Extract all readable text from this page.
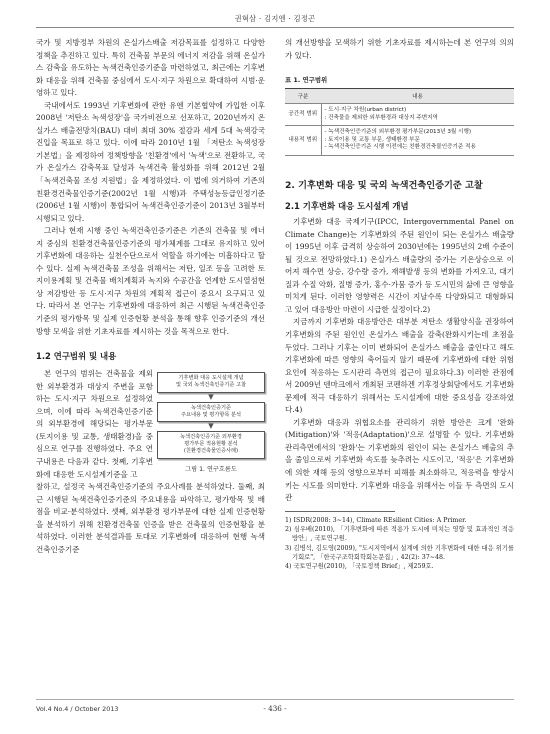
권혁삼 · 김지엔 · 김정곤

국가 및 지방정부 차원의 온실가스배출 저감목표를 설정하고 다양한 정책을 추진하고 있다. 특히 건축물 부문의 에너지 저감을 위해 온실가스 감축을 유도하는 녹색건축인증기준을 마련하였고, 최근에는 기후변화 대응을 위해 건축물 중심에서 도시·지구 차원으로 확대하여 시범·운영하고 있다.

국내에서도 1993년 기후변화에 관한 유엔 기본협약에 가입한 이후 2008년 '저탄소 녹색성장'을 국가비전으로 선포하고, 2020년까지 온실가스 배출전망치(BAU) 대비 최대 30% 절감과 세계 5대 녹색강국 진입을 목표로 하고 있다. 이에 따라 2010년 1월 「저탄소 녹색성장 기본법」을 제정하여 정책방향을 '친환경'에서 '녹색'으로 전환하고, 국가 온실가스 감축목표 달성과 녹색건축 활성화를 위해 2012년 2월 「녹색건축물 조성 지원법」을 제정하였다. 이 법에 의거하여 기존의 친환경건축물인증기준(2002년 1월 시행)과 주택성능등급인정기준(2006년 1월 시행)이 통합되어 녹색건축인증기준이 2013년 3월부터 시행되고 있다.

그러나 현재 시행 중인 녹색건축인증기준은 기존의 건축물 및 에너지 중심의 친환경건축물인증기준의 평가체계를 그대로 유지하고 있어 기후변화에 대응하는 실천수단으로서 역할을 하기에는 미흡하다고 할 수 있다. 실제 녹색건축물 조성을 위해서는 저탄, 일조 등을 고려한 토지이용계획 및 건축물 배치계획과 녹지와 수공간을 연계한 도시열섬현상 저감방안 등 도시·지구 차원의 계획적 접근이 중요시 요구되고 있다. 따라서 본 연구는 기후변화에 대응하여 최근 시행된 녹색건축인증기준의 평가항목 및 실제 인증현황 분석을 통해 향후 인증기준의 개선방향 모색을 위한 기초자료를 제시하는 것을 목적으로 한다.

1.2 연구범위 및 내용

본 연구의 범위는 건축물을 제외한 외부환경과 대상지 주변을 포함하는 도시·지구 차원으로 설정하였으며, 이에 따라 녹색건축인증기준의 외부환경에 해당되는 평가부문(토지이용 및 교통, 생태환경)을 중심으로 연구를 진행하였다. 주요 연구내용은 다음과 같다. 첫째, 기후변화에 대응한 도시설계기준을 고

기후변화 대응 도시설계 개념
및 국외 녹색건축인증기준 고찰
▼
녹색건축인증기준
주요내용 및 평가항목 분석
▼
녹색건축인증기준 외부환경
평가부문 적용현황 분석
(친환경건축물인증사례)
그림 1. 연구흐름도

찰하고, 설정국 녹색건축인증기준의 주요사례를 분석하였다. 둘째, 최근 시행된 녹색건축인증기준의 주요내용을 파악하고, 평가항목 및 배점을 비교·분석하였다. 셋째, 외부환경 평가부문에 대한 실제 인증현황을 분석하기 위해 친환경건축물 인증을 받은 건축물의 인증현황을 분석하였다. 이러한 분석결과를 토대로 기후변화에 대응하여 현행 녹색건축인증기준

의 개선방향을 모색하기 위한 기초자료를 제시하는데 본 연구의 의의가 있다.

표 1. 연구범위
구분	내용
공간적 범위	- 도시·지구 차원(urban district)
: 건축물을 제외한 외부환경과 대상지 주변지역
내용적 범위	- 녹색건축인증기준의 외부환경 평가부문(2013년 3월 시행)
: 토지이용 및 교통 부문, 생태환경 부문
- 녹색건축인증기준 시행 이전에는 친환경건축물인증기준 적용
2. 기후변화 대응 및 국외 녹색건축인증기준 고찰
2.1 기후변화 대응 도시설계 개념

기후변화 대응 국제기구(IPCC, Intergovernmental Panel on Climate Change)는 기후변화의 주된 원인이 되는 온실가스 배출량이 1995년 이후 급격히 상승하여 2030년에는 1995년의 2배 수준이 될 것으로 전망하였다.1) 온실가스 배출량의 증가는 기온상승으로 이어져 해수면 상승, 강수량 증가, 재해발생 등의 변화를 가져오고, 대기질과 수질 악화, 질병 증가, 홍수·가뭄 증가 등 도시민의 삶에 큰 영향을 미치게 된다. 이러한 영향력은 시간이 지날수록 다양화되고 대형화되고 있어 대응방안 마련이 시급한 실정이다.2)

지금까지 기후변화 대응방안은 대부분 저탄소 생활양식을 권장하여 기후변화의 주된 원인인 온실가스 배출을 감축(완화시키는데 초점을 두었다. 그러나 기후는 이미 변화되어 온실가스 배출을 줄인다고 해도 기후변화에 따른 영향의 축어들지 않기 때문에 기후변화에 대한 위험요인에 적응하는 도시관리 측면의 접근이 필요하다.3) 이러한 관점에서 2009년 덴마크에서 개최된 코펜하겐 기후정상회담에서도 기후변화문제에 적극 대응하기 위해서는 도시설계에 대한 중요성을 강조하였다.4)

기후변화 대응과 위협요소를 관리하기 위한 방안은 크게 '완화(Mitigation)'와 '적응(Adaptation)'으로 설명할 수 있다. 기후변화 관리측면에서의 '완화'는 기후변화의 원인이 되는 온실가스 배출의 추을 줄임으로써 기후변화 속도를 늦추려는 시도이고, '적응'은 기후변화에 의한 재해 등의 영향으로부터 피해를 최소화하고, 적응력을 향상시키는 시도를 의미한다. 기후변화 대응을 위해서는 이들 두 측면의 도시 관

1) ISDR(2008: 3~14), Climate REsilient Cities: A Primer.

2) 심우배(2010), 「기후변화에 따른 적용가 도시에 미치는 영향 및 효과적인 적응방안」, 국토연구원.

3) 김병석, 김도영(2009), "도시지역에서 설계에 의한 기후변화에 대한 대응 위기를 기회로", 「한국구조학회학회논문집」, 42(2): 37~48.

4) 국토연구원(2010), 「국토정책 Brief」, 제259호.

Vol.4 No.4 / October 2013	- 436 -
